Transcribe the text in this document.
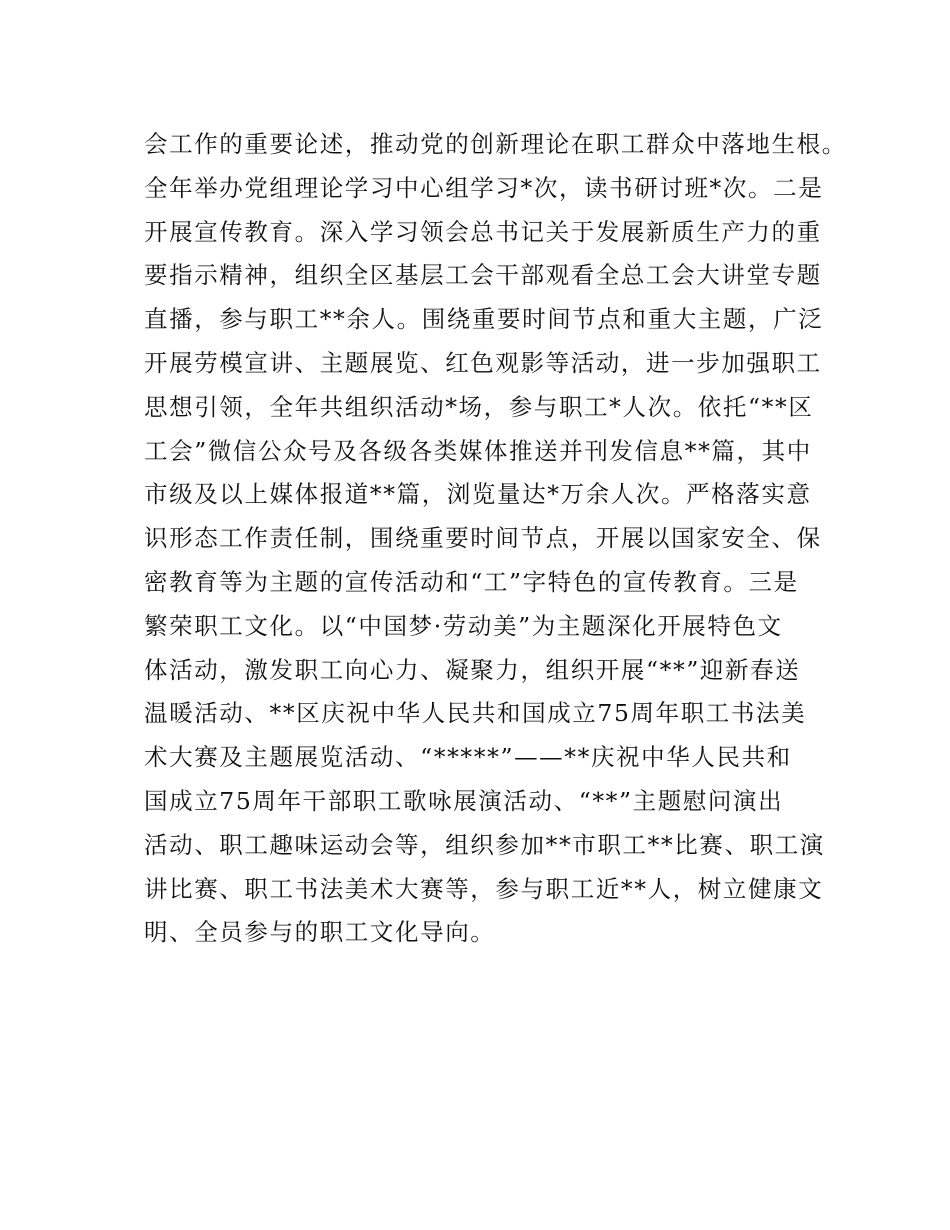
会工作的重要论述，推动党的创新理论在职工群众中落地生根。
全年举办党组理论学习中心组学习*次，读书研讨班*次。二是
开展宣传教育。深入学习领会总书记关于发展新质生产力的重
要指示精神，组织全区基层工会干部观看全总工会大讲堂专题
直播，参与职工**余人。围绕重要时间节点和重大主题，广泛
开展劳模宣讲、主题展览、红色观影等活动，进一步加强职工
思想引领，全年共组织活动*场，参与职工*人次。依托“**区
工会”微信公众号及各级各类媒体推送并刊发信息**篇，其中
市级及以上媒体报道**篇，浏览量达*万余人次。严格落实意
识形态工作责任制，围绕重要时间节点，开展以国家安全、保
密教育等为主题的宣传活动和“工”字特色的宣传教育。三是
繁荣职工文化。以“中国梦·劳动美”为主题深化开展特色文
体活动，激发职工向心力、凝聚力，组织开展“**”迎新春送
温暖活动、**区庆祝中华人民共和国成立75周年职工书法美
术大赛及主题展览活动、“*****”——**庆祝中华人民共和
国成立75周年干部职工歌咏展演活动、“**”主题慰问演出
活动、职工趣味运动会等，组织参加**市职工**比赛、职工演
讲比赛、职工书法美术大赛等，参与职工近**人，树立健康文
明、全员参与的职工文化导向。
